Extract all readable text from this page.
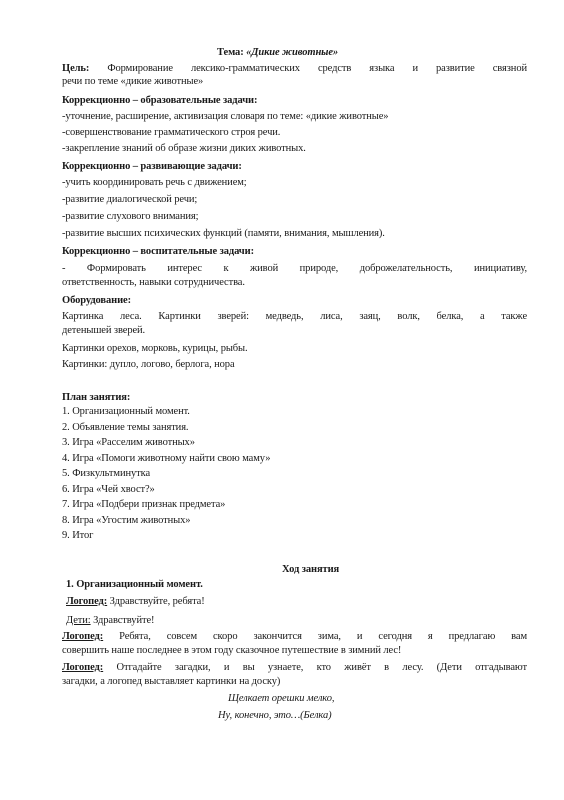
Тема: «Дикие животные»
Цель: Формирование лексико-грамматических средств языка и развитие связной
речи по теме «дикие животные»
Коррекционно – образовательные задачи:
-уточнение, расширение, активизация словаря по теме: «дикие животные»
-совершенствование грамматического строя речи.
-закрепление знаний об образе жизни диких животных.
Коррекционно – развивающие задачи:
-учить координировать речь с движением;
-развитие диалогической речи;
-развитие слухового внимания;
-развитие высших психических функций (памяти, внимания, мышления).
Коррекционно – воспитательные задачи:
- Формировать интерес к живой природе, доброжелательность, инициативу,
ответственность, навыки сотрудничества.
Оборудование:
Картинка леса. Картинки зверей: медведь, лиса, заяц, волк, белка, а также
детенышей зверей.
Картинки орехов, морковь, курицы, рыбы.
Картинки: дупло, логово, берлога, нора
План занятия:
1. Организационный момент.
2. Объявление темы занятия.
3. Игра «Расселим животных»
4. Игра «Помоги животному найти свою маму»
5. Физкультминутка
6. Игра «Чей хвост?»
7. Игра «Подбери признак предмета»
8. Игра «Угостим животных»
9. Итог
Ход занятия
1. Организационный момент.
Логопед: Здравствуйте, ребята!
Дети: Здравствуйте!
Логопед: Ребята, совсем скоро закончится зима, и сегодня я предлагаю вам
совершить наше последнее в этом году сказочное путешествие в зимний лес!
Логопед: Отгадайте загадки, и вы узнаете, кто живёт в лесу. (Дети отгадывают
загадки, а логопед выставляет картинки на доску)
Щелкает орешки мелко,
Ну, конечно, это…(Белка)
